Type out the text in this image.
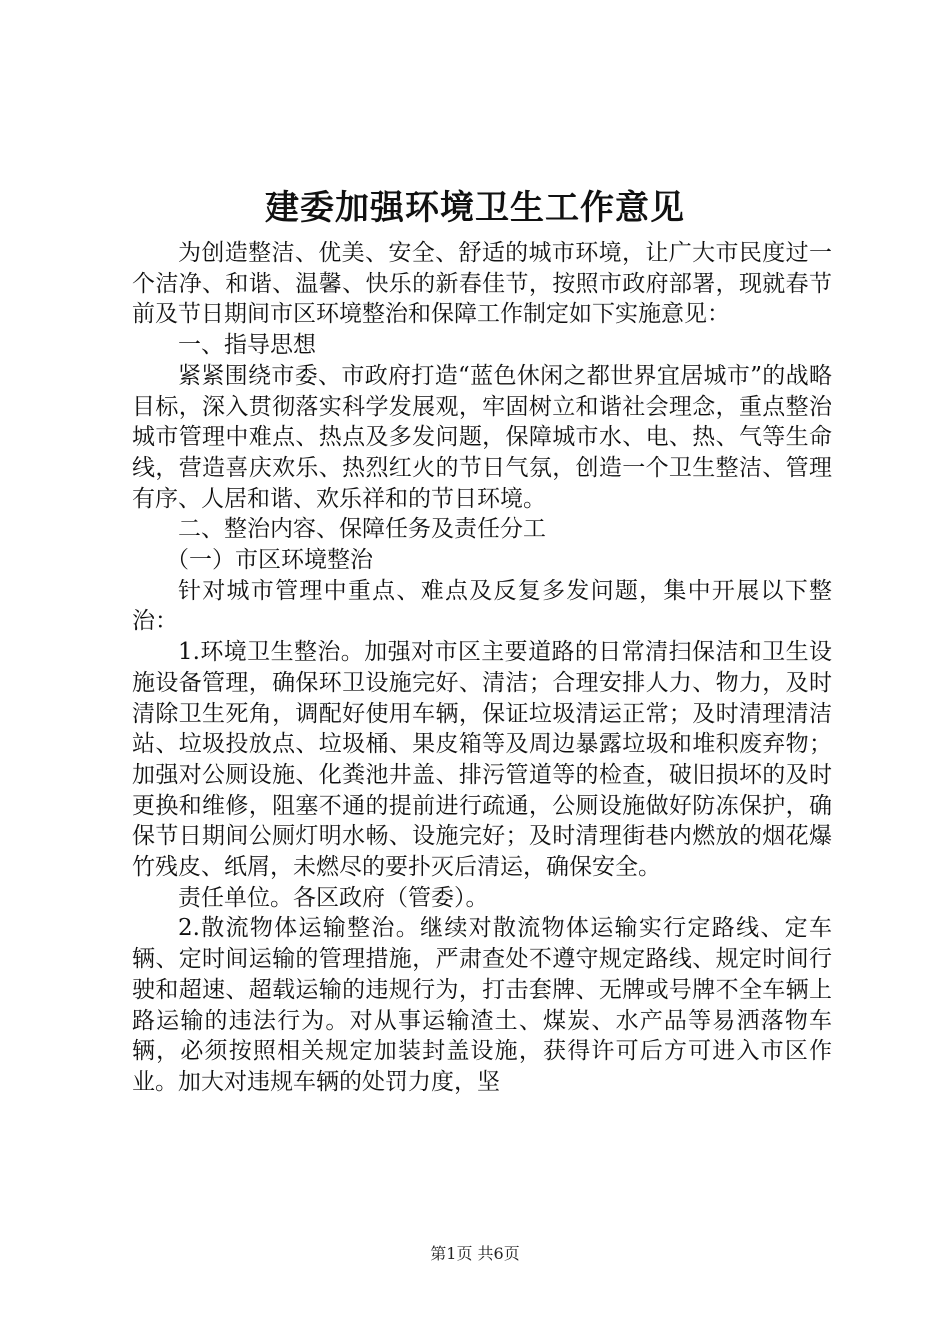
建委加强环境卫生工作意见

为创造整洁、优美、安全、舒适的城市环境，让广大市民度过一个洁净、和谐、温馨、快乐的新春佳节，按照市政府部署，现就春节前及节日期间市区环境整治和保障工作制定如下实施意见：

一、指导思想

紧紧围绕市委、市政府打造“蓝色休闲之都世界宜居城市”的战略目标，深入贯彻落实科学发展观，牢固树立和谐社会理念，重点整治城市管理中难点、热点及多发问题，保障城市水、电、热、气等生命线，营造喜庆欢乐、热烈红火的节日气氛，创造一个卫生整洁、管理有序、人居和谐、欢乐祥和的节日环境。

二、整治内容、保障任务及责任分工

（一）市区环境整治

针对城市管理中重点、难点及反复多发问题，集中开展以下整治：

1.环境卫生整治。加强对市区主要道路的日常清扫保洁和卫生设施设备管理，确保环卫设施完好、清洁；合理安排人力、物力，及时清除卫生死角，调配好使用车辆，保证垃圾清运正常；及时清理清洁站、垃圾投放点、垃圾桶、果皮箱等及周边暴露垃圾和堆积废弃物；加强对公厕设施、化粪池井盖、排污管道等的检查，破旧损坏的及时更换和维修，阻塞不通的提前进行疏通，公厕设施做好防冻保护，确保节日期间公厕灯明水畅、设施完好；及时清理街巷内燃放的烟花爆竹残皮、纸屑，未燃尽的要扑灭后清运，确保安全。

责任单位。各区政府（管委）。

2.散流物体运输整治。继续对散流物体运输实行定路线、定车辆、定时间运输的管理措施，严肃查处不遵守规定路线、规定时间行驶和超速、超载运输的违规行为，打击套牌、无牌或号牌不全车辆上路运输的违法行为。对从事运输渣土、煤炭、水产品等易洒落物车辆，必须按照相关规定加装封盖设施，获得许可后方可进入市区作业。加大对违规车辆的处罚力度，坚

第1页 共6页
